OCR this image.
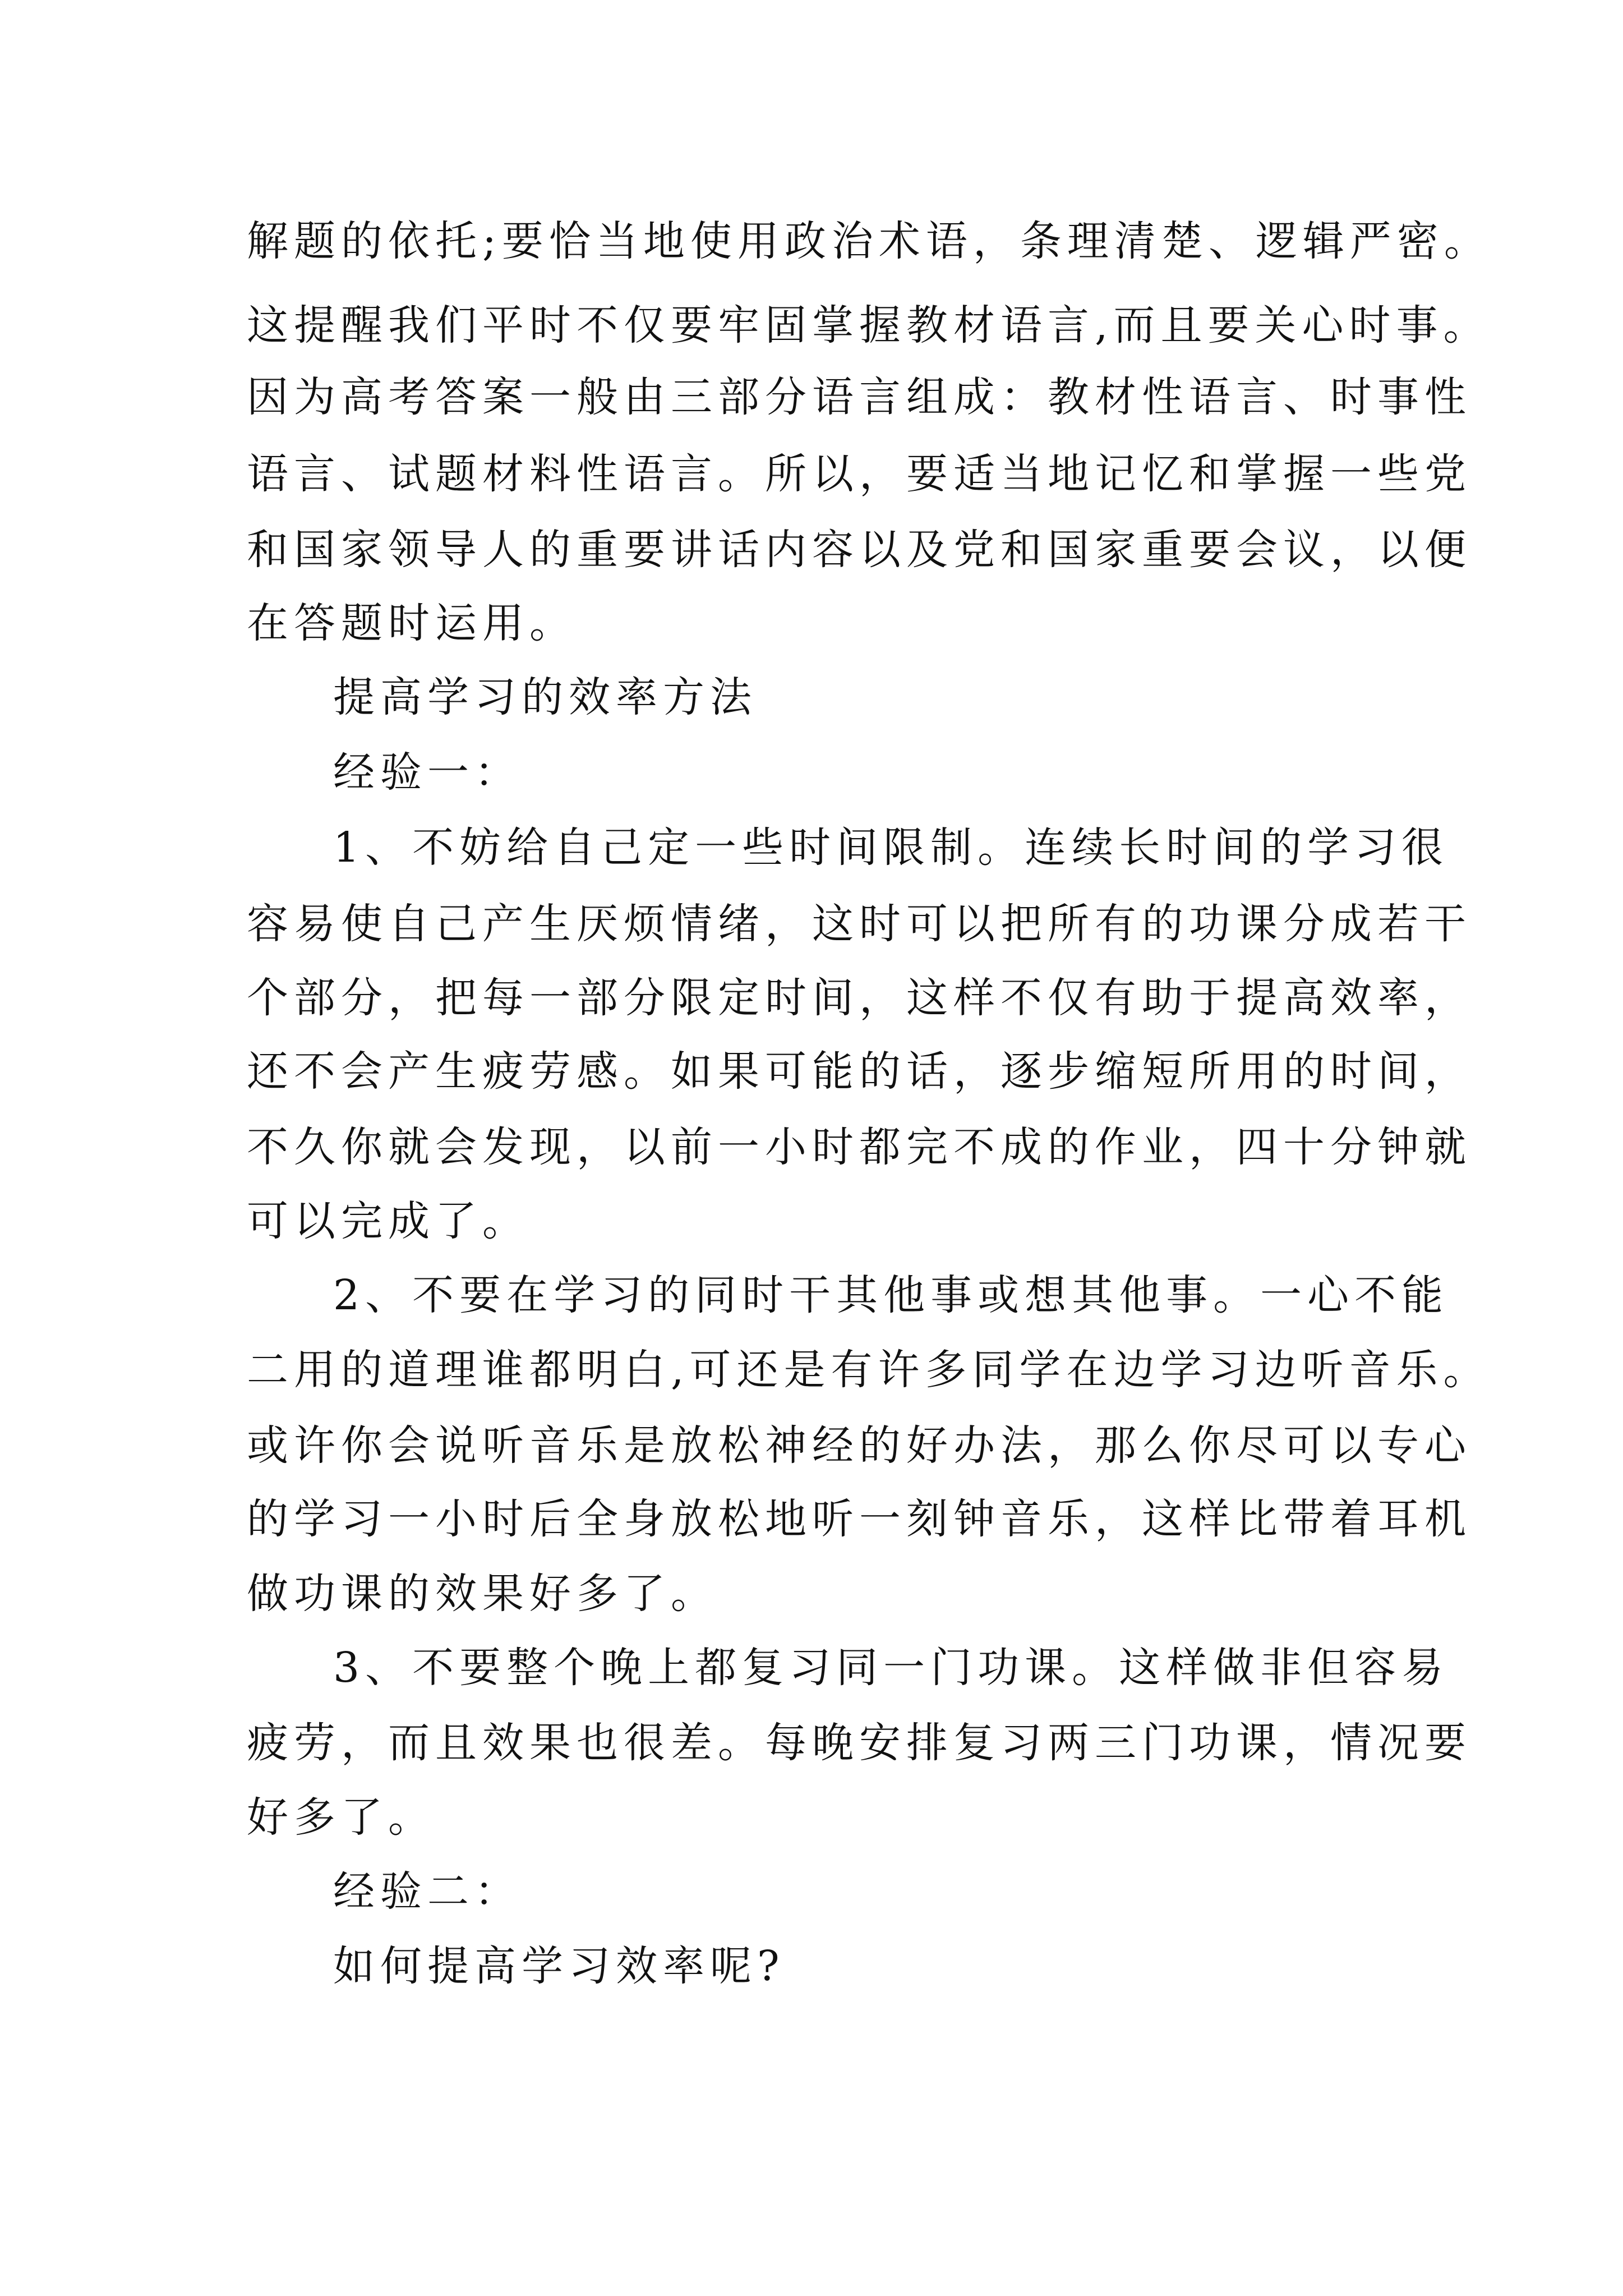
解题的依托;要恰当地使用政治术语，条理清楚、逻辑严密。
这提醒我们平时不仅要牢固掌握教材语言,而且要关心时事。
因为高考答案一般由三部分语言组成：教材性语言、时事性
语言、试题材料性语言。所以，要适当地记忆和掌握一些党
和国家领导人的重要讲话内容以及党和国家重要会议，以便
在答题时运用。
提高学习的效率方法
经验一：
1、不妨给自己定一些时间限制。连续长时间的学习很
容易使自己产生厌烦情绪，这时可以把所有的功课分成若干
个部分，把每一部分限定时间，这样不仅有助于提高效率，
还不会产生疲劳感。如果可能的话，逐步缩短所用的时间，
不久你就会发现，以前一小时都完不成的作业，四十分钟就
可以完成了。
2、不要在学习的同时干其他事或想其他事。一心不能
二用的道理谁都明白,可还是有许多同学在边学习边听音乐。
或许你会说听音乐是放松神经的好办法，那么你尽可以专心
的学习一小时后全身放松地听一刻钟音乐，这样比带着耳机
做功课的效果好多了。
3、不要整个晚上都复习同一门功课。这样做非但容易
疲劳，而且效果也很差。每晚安排复习两三门功课，情况要
好多了。
经验二：
如何提高学习效率呢?
